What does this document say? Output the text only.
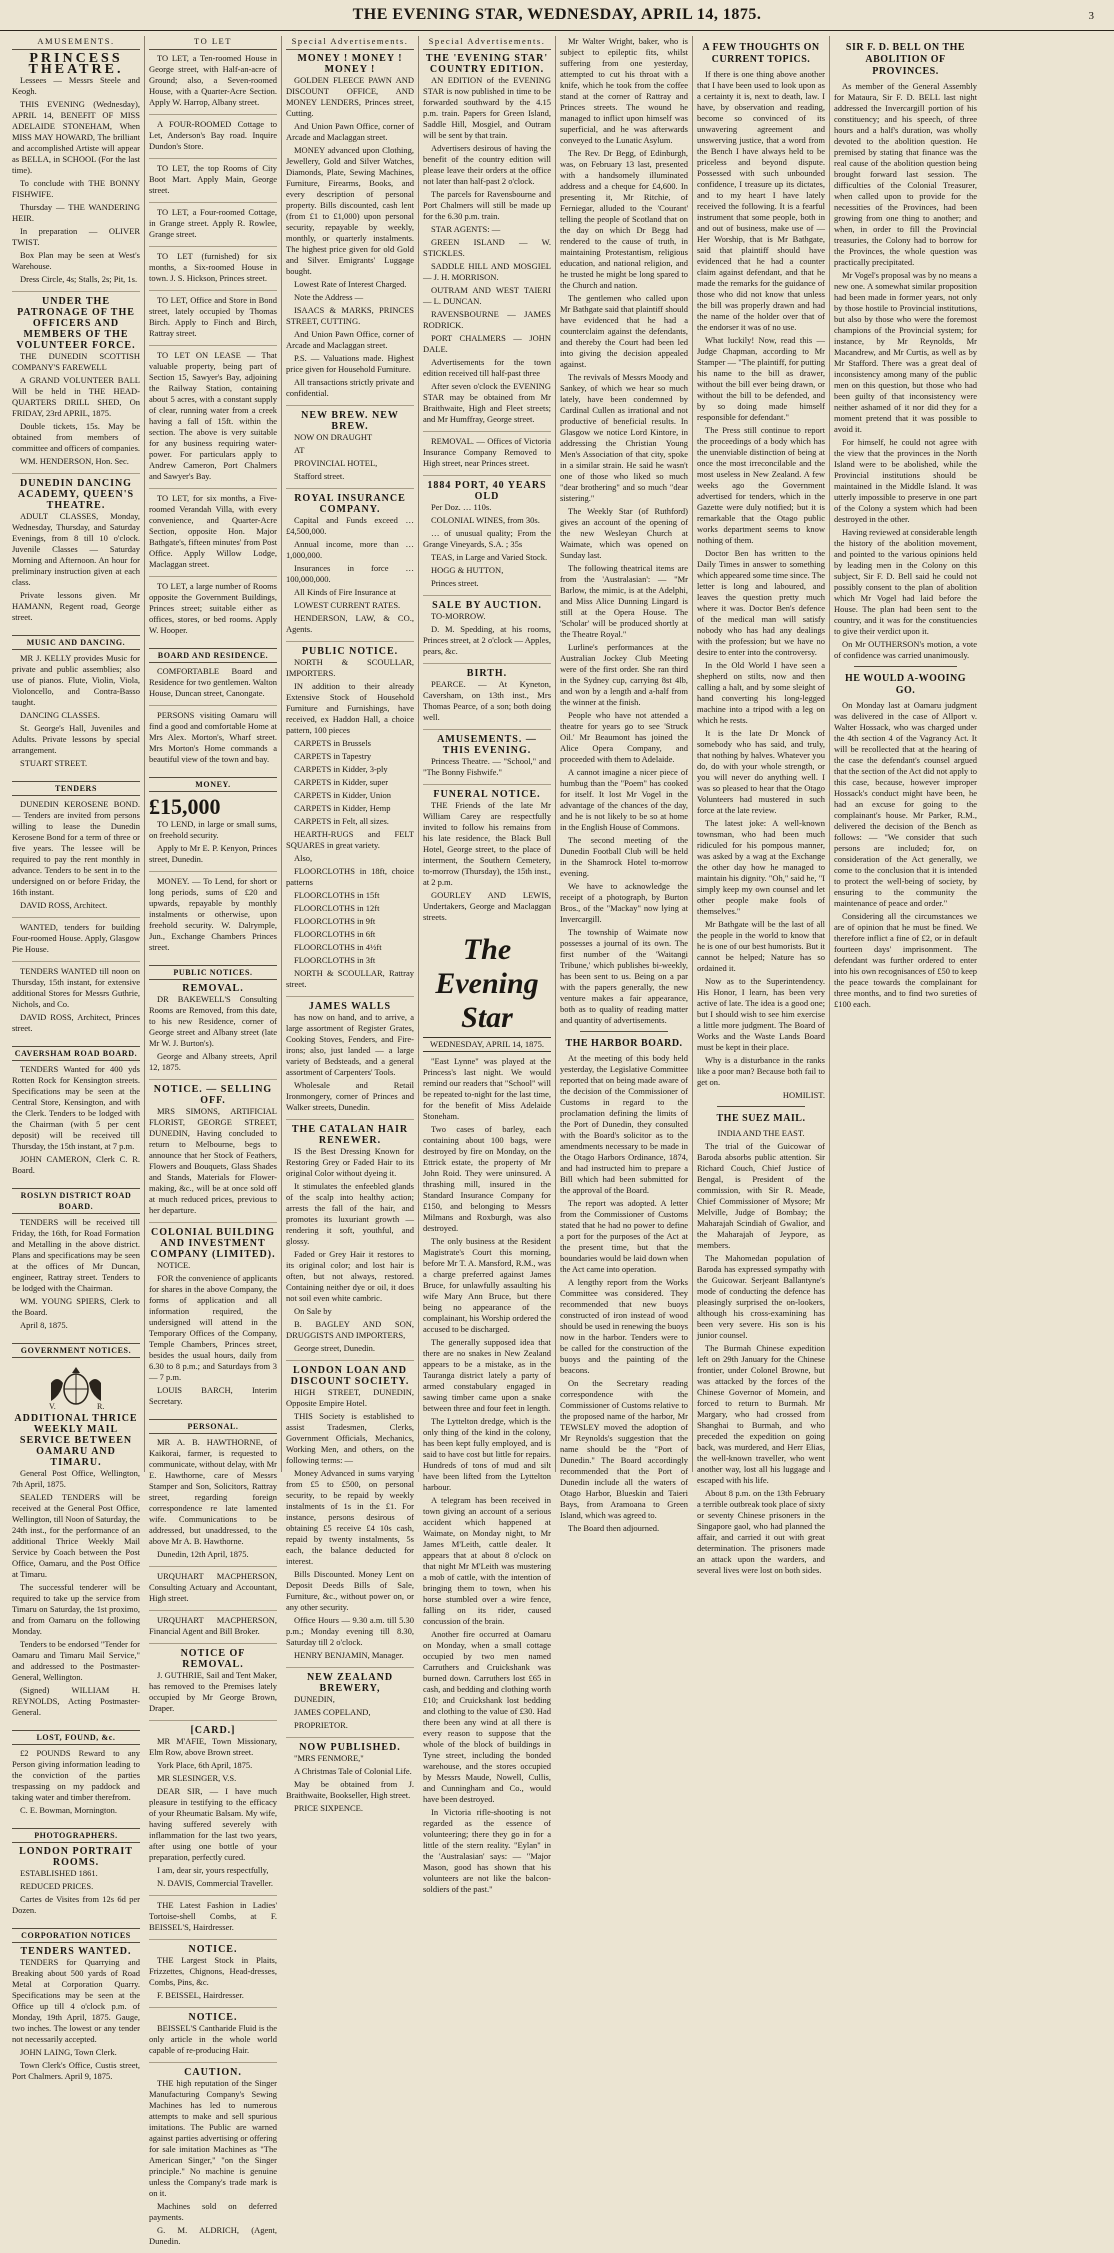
THE EVENING STAR, WEDNESDAY, APRIL 14, 1875.	3
AMUSEMENTS.
PRINCESS THEATRE.
Lessees — Messrs Steele and Keogh.
THIS EVENING (Wednesday), APRIL 14, BENEFIT OF MISS ADELAIDE STONEHAM, When MISS MAY HOWARD, The brilliant and accomplished Artiste will appear as BELLA, in SCHOOL (For the last time).
To conclude with THE BONNY FISHWIFE.
Thursday — THE WANDERING HEIR.
In preparation — OLIVER TWIST.
Box Plan may be seen at West's Warehouse.
Dress Circle, 4s; Stalls, 2s; Pit, 1s.
UNDER THE PATRONAGE OF THE OFFICERS AND MEMBERS OF THE VOLUNTEER FORCE.
THE DUNEDIN SCOTTISH COMPANY'S FAREWELL
A GRAND VOLUNTEER BALL Will be held in THE HEAD-QUARTERS DRILL SHED, On FRIDAY, 23rd APRIL, 1875.
Double tickets, 15s. May be obtained from members of committee and officers of companies.
WM. HENDERSON, Hon. Sec.
DUNEDIN DANCING ACADEMY, QUEEN'S THEATRE.
ADULT CLASSES, Monday, Wednesday, Thursday, and Saturday Evenings, from 8 till 10 o'clock. Juvenile Classes — Saturday Morning and Afternoon. An hour for preliminary instruction given at each class.
Private lessons given. Mr HAMANN, Regent road, George street.
MUSIC AND DANCING.
MR J. KELLY provides Music for private and public assemblies; also use of pianos. Flute, Violin, Viola, Violoncello, and Contra-Basso taught.
DANCING CLASSES.
St. George's Hall, Juveniles and Adults. Private lessons by special arrangement.
STUART STREET.
TENDERS
DUNEDIN KEROSENE BOND. — Tenders are invited from persons willing to lease the Dunedin Kerosene Bond for a term of three or five years. The lessee will be required to pay the rent monthly in advance. Tenders to be sent in to the undersigned on or before Friday, the 16th instant.
DAVID ROSS, Architect.
WANTED, tenders for building Four-roomed House. Apply, Glasgow Pie House.
TENDERS WANTED till noon on Thursday, 15th instant, for extensive additional Stores for Messrs Guthrie, Nichols, and Co.
DAVID ROSS, Architect, Princes street.
CAVERSHAM ROAD BOARD.
TENDERS Wanted for 400 yds Rotten Rock for Kensington streets. Specifications may be seen at the Central Store, Kensington, and with the Clerk. Tenders to be lodged with the Chairman (with 5 per cent deposit) will be received till Thursday, the 15th instant, at 7 p.m.
JOHN CAMERON, Clerk C. R. Board.
ROSLYN DISTRICT ROAD BOARD.
TENDERS will be received till Friday, the 16th, for Road Formation and Metalling in the above district. Plans and specifications may be seen at the offices of Mr Duncan, engineer, Rattray street. Tenders to be lodged with the Chairman.
WM. YOUNG SPIERS, Clerk to the Board.
April 8, 1875.
GOVERNMENT NOTICES.
V.	R.
ADDITIONAL THRICE WEEKLY MAIL SERVICE BETWEEN OAMARU AND TIMARU.
General Post Office, Wellington, 7th April, 1875.
SEALED TENDERS will be received at the General Post Office, Wellington, till Noon of Saturday, the 24th inst., for the performance of an additional Thrice Weekly Mail Service by Coach between the Post Office, Oamaru, and the Post Office at Timaru.
The successful tenderer will be required to take up the service from Timaru on Saturday, the 1st proximo, and from Oamaru on the following Monday.
Tenders to be endorsed "Tender for Oamaru and Timaru Mail Service," and addressed to the Postmaster-General, Wellington.
(Signed) WILLIAM H. REYNOLDS, Acting Postmaster-General.
LOST, FOUND, &c.
£2 POUNDS Reward to any Person giving information leading to the conviction of the parties trespassing on my paddock and taking water and timber therefrom.
C. E. Bowman, Mornington.
PHOTOGRAPHERS.
LONDON PORTRAIT ROOMS.
ESTABLISHED 1861.
REDUCED PRICES.
Cartes de Visites from 12s 6d per Dozen.
CORPORATION NOTICES
TENDERS WANTED.
TENDERS for Quarrying and Breaking about 500 yards of Road Metal at Corporation Quarry. Specifications may be seen at the Office up till 4 o'clock p.m. of Monday, 19th April, 1875. Gauge, two inches. The lowest or any tender not necessarily accepted.
JOHN LAING, Town Clerk.
Town Clerk's Office, Custis street, Port Chalmers. April 9, 1875.
TO LET
TO LET, a Ten-roomed House in George street, with Half-an-acre of Ground; also, a Seven-roomed House, with a Quarter-Acre Section. Apply W. Harrop, Albany street.
A FOUR-ROOMED Cottage to Let, Anderson's Bay road. Inquire Dundon's Store.
TO LET, the top Rooms of City Boot Mart. Apply Main, George street.
TO LET, a Four-roomed Cottage, in Grange street. Apply R. Rowlee, Grange street.
TO LET (furnished) for six months, a Six-roomed House in town. J. S. Hickson, Princes street.
TO LET, Office and Store in Bond street, lately occupied by Thomas Birch. Apply to Finch and Birch, Rattray street.
TO LET ON LEASE — That valuable property, being part of Section 15, Sawyer's Bay, adjoining the Railway Station, containing about 5 acres, with a constant supply of clear, running water from a creek having a fall of 15ft. within the section. The above is very suitable for any business requiring water-power. For particulars apply to Andrew Cameron, Port Chalmers and Sawyer's Bay.
TO LET, for six months, a Five-roomed Verandah Villa, with every convenience, and Quarter-Acre Section, opposite Hon. Major Bathgate's, fifteen minutes' from Post Office. Apply Willow Lodge, Maclaggan street.
TO LET, a large number of Rooms opposite the Government Buildings, Princes street; suitable either as offices, stores, or bed rooms. Apply W. Hooper.
BOARD AND RESIDENCE.
COMFORTABLE Board and Residence for two gentlemen. Walton House, Duncan street, Canongate.
PERSONS visiting Oamaru will find a good and comfortable Home at Mrs Alex. Morton's, Wharf street. Mrs Morton's Home commands a beautiful view of the town and bay.
MONEY.
£15,000
TO LEND, in large or small sums, on freehold security.
Apply to Mr E. P. Kenyon, Princes street, Dunedin.
MONEY. — To Lend, for short or long periods, sums of £20 and upwards, repayable by monthly instalments or otherwise, upon freehold security. W. Dalrymple, Jun., Exchange Chambers Princes street.
PUBLIC NOTICES.
REMOVAL.
DR BAKEWELL'S Consulting Rooms are Removed, from this date, to his new Residence, corner of George street and Albany street (late Mr W. J. Burton's).
George and Albany streets, April 12, 1875.
NOTICE. — SELLING OFF.
MRS SIMONS, ARTIFICIAL FLORIST, GEORGE STREET, DUNEDIN, Having concluded to return to Melbourne, begs to announce that her Stock of Feathers, Flowers and Bouquets, Glass Shades and Stands, Materials for Flower-making, &c., will be at once sold off at much reduced prices, previous to her departure.
COLONIAL BUILDING AND INVESTMENT COMPANY (LIMITED).
NOTICE.
FOR the convenience of applicants for shares in the above Company, the forms of application and all information required, the undersigned will attend in the Temporary Offices of the Company, Temple Chambers, Princes street, besides the usual hours, daily from 6.30 to 8 p.m.; and Saturdays from 3 — 7 p.m.
LOUIS BARCH, Interim Secretary.
PERSONAL.
MR A. B. HAWTHORNE, of Kaikorai, farmer, is requested to communicate, without delay, with Mr E. Hawthorne, care of Messrs Stamper and Son, Solicitors, Rattray street, regarding foreign correspondence re late lamented wife. Communications to be addressed, but unaddressed, to the above Mr A. B. Hawthorne.
Dunedin, 12th April, 1875.
URQUHART MACPHERSON, Consulting Actuary and Accountant, High street.
URQUHART MACPHERSON, Financial Agent and Bill Broker.
NOTICE OF REMOVAL.
J. GUTHRIE, Sail and Tent Maker, has removed to the Premises lately occupied by Mr George Brown, Draper.
[CARD.]
MR M'AFIE, Town Missionary, Elm Row, above Brown street.
York Place, 6th April, 1875.
MR SLESINGER, V.S.
DEAR SIR, — I have much pleasure in testifying to the efficacy of your Rheumatic Balsam. My wife, having suffered severely with inflammation for the last two years, after using one bottle of your preparation, perfectly cured.
I am, dear sir, yours respectfully,
N. DAVIS, Commercial Traveller.
THE Latest Fashion in Ladies' Tortoise-shell Combs, at F. BEISSEL'S, Hairdresser.
NOTICE.
THE Largest Stock in Plaits, Frizzettes, Chignons, Head-dresses, Combs, Pins, &c.
F. BEISSEL, Hairdresser.
NOTICE.
BEISSEL'S Cantharide Fluid is the only article in the whole world capable of re-producing Hair.
CAUTION.
THE high reputation of the Singer Manufacturing Company's Sewing Machines has led to numerous attempts to make and sell spurious imitations. The Public are warned against parties advertising or offering for sale imitation Machines as "The American Singer," "on the Singer principle." No machine is genuine unless the Company's trade mark is on it.
Machines sold on deferred payments.
G. M. ALDRICH, (Agent, Dunedin.
Special Advertisements.
MONEY ! MONEY ! MONEY !
GOLDEN FLEECE PAWN AND DISCOUNT OFFICE, AND MONEY LENDERS, Princes street, Cutting.
And Union Pawn Office, corner of Arcade and Maclaggan street.
MONEY advanced upon Clothing, Jewellery, Gold and Silver Watches, Diamonds, Plate, Sewing Machines, Furniture, Firearms, Books, and every description of personal property. Bills discounted, cash lent (from £1 to £1,000) upon personal security, repayable by weekly, monthly, or quarterly instalments. The highest price given for old Gold and Silver. Emigrants' Luggage bought.
Lowest Rate of Interest Charged.
Note the Address —
ISAACS & MARKS, PRINCES STREET, CUTTING.
And Union Pawn Office, corner of Arcade and Maclaggan street.
P.S. — Valuations made. Highest price given for Household Furniture.
All transactions strictly private and confidential.
NEW BREW. NEW BREW.
NOW ON DRAUGHT
AT
PROVINCIAL HOTEL,
Stafford street.
ROYAL INSURANCE COMPANY.
Capital and Funds exceed … £4,500,000.
Annual income, more than … 1,000,000.
Insurances in force … 100,000,000.
All Kinds of Fire Insurance at
LOWEST CURRENT RATES.
HENDERSON, LAW, & CO., Agents.
PUBLIC NOTICE.
NORTH & SCOULLAR, IMPORTERS.
IN addition to their already Extensive Stock of Household Furniture and Furnishings, have received, ex Haddon Hall, a choice pattern, 100 pieces
CARPETS in Brussels
CARPETS in Tapestry
CARPETS in Kidder, 3-ply
CARPETS in Kidder, super
CARPETS in Kidder, Union
CARPETS in Kidder, Hemp
CARPETS in Felt, all sizes.
HEARTH-RUGS and FELT SQUARES in great variety.
Also,
FLOORCLOTHS in 18ft, choice patterns
FLOORCLOTHS in 15ft
FLOORCLOTHS in 12ft
FLOORCLOTHS in 9ft
FLOORCLOTHS in 6ft
FLOORCLOTHS in 4½ft
FLOORCLOTHS in 3ft
NORTH & SCOULLAR, Rattray street.
JAMES WALLS
has now on hand, and to arrive, a large assortment of Register Grates, Cooking Stoves, Fenders, and Fire-irons; also, just landed — a large variety of Bedsteads, and a general assortment of Carpenters' Tools.
Wholesale and Retail Ironmongery, corner of Princes and Walker streets, Dunedin.
THE CATALAN HAIR RENEWER.
IS the Best Dressing Known for Restoring Grey or Faded Hair to its original Color without dyeing it.
It stimulates the enfeebled glands of the scalp into healthy action; arrests the fall of the hair, and promotes its luxuriant growth — rendering it soft, youthful, and glossy.
Faded or Grey Hair it restores to its original color; and lost hair is often, but not always, restored. Containing neither dye or oil, it does not soil even white cambric.
On Sale by
B. BAGLEY AND SON, DRUGGISTS AND IMPORTERS,
George street, Dunedin.
LONDON LOAN AND DISCOUNT SOCIETY.
HIGH STREET, DUNEDIN, Opposite Empire Hotel.
THIS Society is established to assist Tradesmen, Clerks, Government Officials, Mechanics, Working Men, and others, on the following terms: —
Money Advanced in sums varying from £5 to £500, on personal security, to be repaid by weekly instalments of 1s in the £1. For instance, persons desirous of obtaining £5 receive £4 10s cash, repaid by twenty instalments, 5s each, the balance deducted for interest.
Bills Discounted. Money Lent on Deposit Deeds Bills of Sale, Furniture, &c., without power on, or any other security.
Office Hours — 9.30 a.m. till 5.30 p.m.; Monday evening till 8.30, Saturday till 2 o'clock.
HENRY BENJAMIN, Manager.
NEW ZEALAND BREWERY,
DUNEDIN,
JAMES COPELAND,
PROPRIETOR.
NOW PUBLISHED.
"MRS FENMORE,"
A Christmas Tale of Colonial Life.
May be obtained from J. Braithwaite, Bookseller, High street.
PRICE SIXPENCE.
Special Advertisements.
THE 'EVENING STAR' COUNTRY EDITION.
AN EDITION of the EVENING STAR is now published in time to be forwarded southward by the 4.15 p.m. train. Papers for Green Island, Saddle Hill, Mosgiel, and Outram will be sent by that train.
Advertisers desirous of having the benefit of the country edition will please leave their orders at the office not later than half-past 2 o'clock.
The parcels for Ravensbourne and Port Chalmers will still be made up for the 6.30 p.m. train.
STAR AGENTS: —
GREEN ISLAND — W. STICKLES.
SADDLE HILL AND MOSGIEL — J. H. MORRISON.
OUTRAM AND WEST TAIERI — L. DUNCAN.
RAVENSBOURNE — JAMES RODRICK.
PORT CHALMERS — JOHN DALE.
Advertisements for the town edition received till half-past three
After seven o'clock the EVENING STAR may be obtained from Mr Braithwaite, High and Fleet streets; and Mr Humffray, George street.
REMOVAL. — Offices of Victoria Insurance Company Removed to High street, near Princes street.
1884 PORT, 40 YEARS OLD
Per Doz. … 110s.
COLONIAL WINES, from 30s.
… of unusual quality; From the Grange Vineyards, S.A. ; 35s
TEAS, in Large and Varied Stock.
HOGG & HUTTON,
Princes street.
SALE BY AUCTION.
TO-MORROW.
D. M. Spedding, at his rooms, Princes street, at 2 o'clock — Apples, pears, &c.
BIRTH.
PEARCE. — At Kyneton, Caversham, on 13th inst., Mrs Thomas Pearce, of a son; both doing well.
AMUSEMENTS. — THIS EVENING.
Princess Theatre. — "School," and "The Bonny Fishwife."
FUNERAL NOTICE.
THE Friends of the late Mr William Carey are respectfully invited to follow his remains from his late residence, the Black Bull Hotel, George street, to the place of interment, the Southern Cemetery, to-morrow (Thursday), the 15th inst., at 2 p.m.
GOURLEY AND LEWIS, Undertakers, George and Maclaggan streets.
The Evening Star
WEDNESDAY, APRIL 14, 1875.
"East Lynne" was played at the Princess's last night. We would remind our readers that "School" will be repeated to-night for the last time, for the benefit of Miss Adelaide Stoneham.
Two cases of barley, each containing about 100 bags, were destroyed by fire on Monday, on the Ettrick estate, the property of Mr John Roid. They were uninsured. A thrashing mill, insured in the Standard Insurance Company for £150, and belonging to Messrs Milmans and Roxburgh, was also destroyed.
The only business at the Resident Magistrate's Court this morning, before Mr T. A. Mansford, R.M., was a charge preferred against James Bruce, for unlawfully assaulting his wife Mary Ann Bruce, but there being no appearance of the complainant, his Worship ordered the accused to be discharged.
The generally supposed idea that there are no snakes in New Zealand appears to be a mistake, as in the Tauranga district lately a party of armed constabulary engaged in sawing timber came upon a snake between three and four feet in length.
The Lyttelton dredge, which is the only thing of the kind in the colony, has been kept fully employed, and is said to have cost but little for repairs. Hundreds of tons of mud and silt have been lifted from the Lyttelton harbour.
A telegram has been received in town giving an account of a serious accident which happened at Waimate, on Monday night, to Mr James M'Leith, cattle dealer. It appears that at about 8 o'clock on that night Mr M'Leith was mustering a mob of cattle, with the intention of bringing them to town, when his horse stumbled over a wire fence, falling on its rider, caused concussion of the brain.
Another fire occurred at Oamaru on Monday, when a small cottage occupied by two men named Carruthers and Cruickshank was burned down. Carruthers lost £65 in cash, and bedding and clothing worth £10; and Cruickshank lost bedding and clothing to the value of £30. Had there been any wind at all there is every reason to suppose that the whole of the block of buildings in Tyne street, including the bonded warehouse, and the stores occupied by Messrs Maude, Nowell, Cullis, and Cunningham and Co., would have been destroyed.
In Victoria rifle-shooting is not regarded as the essence of volunteering; there they go in for a little of the stern reality. "Eylan" in the 'Australasian' says: — "Major Mason, good has shown that his volunteers are not like the balcon-soldiers of the past."
Mr Walter Wright, baker, who is subject to epileptic fits, whilst suffering from one yesterday, attempted to cut his throat with a knife, which he took from the coffee stand at the corner of Rattray and Princes streets. The wound he managed to inflict upon himself was superficial, and he was afterwards conveyed to the Lunatic Asylum.
The Rev. Dr Begg, of Edinburgh, was, on February 13 last, presented with a handsomely illuminated address and a cheque for £4,600. In presenting it, Mr Ritchie, of Ferniegar, alluded to the 'Courant' telling the people of Scotland that on the day on which Dr Begg had rendered to the cause of truth, in maintaining Protestantism, religious education, and national religion, and he trusted he might be long spared to the Church and nation.
The gentlemen who called upon Mr Bathgate said that plaintiff should have evidenced that he had a counterclaim against the defendants, and thereby the Court had been led into giving the decision appealed against.
The revivals of Messrs Moody and Sankey, of which we hear so much lately, have been condemned by Cardinal Cullen as irrational and not productive of beneficial results. In Glasgow we notice Lord Kintore, in addressing the Christian Young Men's Association of that city, spoke in a similar strain. He said he wasn't one of those who liked so much "dear brothering" and so much "dear sistering."
The Weekly Star (of Ruthford) gives an account of the opening of the new Wesleyan Church at Waimate, which was opened on Sunday last.
The following theatrical items are from the 'Australasian': — "Mr Barlow, the mimic, is at the Adelphi, and Miss Alice Dunning Lingard is still at the Opera House. The 'Scholar' will be produced shortly at the Theatre Royal."
Lurline's performances at the Australian Jockey Club Meeting were of the first order. She ran third in the Sydney cup, carrying 8st 4lb, and won by a length and a-half from the winner at the finish.
People who have not attended a theatre for years go to see 'Struck Oil.' Mr Beaumont has joined the Alice Opera Company, and proceeded with them to Adelaide.
A cannot imagine a nicer piece of humbug than the "Poem" has cooked for itself. It lost Mr Vogel in the advantage of the chances of the day, and he is not likely to be so at home in the English House of Commons.
The second meeting of the Dunedin Football Club will be held in the Shamrock Hotel to-morrow evening.
We have to acknowledge the receipt of a photograph, by Burton Bros., of the "Mackay" now lying at Invercargill.
The township of Waimate now possesses a journal of its own. The first number of the 'Waitangi Tribune,' which publishes bi-weekly, has been sent to us. Being on a par with the papers generally, the new venture makes a fair appearance, both as to quality of reading matter and quantity of advertisements.
THE HARBOR BOARD.
At the meeting of this body held yesterday, the Legislative Committee reported that on being made aware of the decision of the Commissioner of Customs in regard to the proclamation defining the limits of the Port of Dunedin, they consulted with the Board's solicitor as to the amendments necessary to be made in the Otago Harbors Ordinance, 1874, and had instructed him to prepare a Bill which had been submitted for the approval of the Board.
The report was adopted. A letter from the Commissioner of Customs stated that he had no power to define a port for the purposes of the Act at the present time, but that the boundaries would be laid down when the Act came into operation.
A lengthy report from the Works Committee was considered. They recommended that new buoys constructed of iron instead of wood should be used in renewing the buoys now in the harbor. Tenders were to be called for the construction of the buoys and the painting of the beacons.
On the Secretary reading correspondence with the Commissioner of Customs relative to the proposed name of the harbor, Mr TEWSLEY moved the adoption of Mr Reynolds's suggestion that the name should be the "Port of Dunedin." The Board accordingly recommended that the Port of Dunedin include all the waters of Otago Harbor, Blueskin and Taieri Bays, from Aramoana to Green Island, which was agreed to.
The Board then adjourned.
A FEW THOUGHTS ON CURRENT TOPICS.
If there is one thing above another that I have been used to look upon as a certainty it is, next to death, law. I have, by observation and reading, become so convinced of its unwavering agreement and unswerving justice, that a word from the Bench I have always held to be priceless and beyond dispute. Possessed with such unbounded confidence, I treasure up its dictates, and to my heart I have lately received the following. It is a fearful instrument that some people, both in and out of business, make use of — Her Worship, that is Mr Bathgate, said that plaintiff should have evidenced that he had a counter claim against defendant, and that he made the remarks for the guidance of those who did not know that unless the bill was properly drawn and had the name of the holder over that of the endorser it was of no use.
What luckily! Now, read this — Judge Chapman, according to Mr Stamper — "The plaintiff, for putting his name to the bill as drawer, without the bill ever being drawn, or without the bill to be defended, and by so doing made himself responsible for defendant."
The Press still continue to report the proceedings of a body which has the unenviable distinction of being at once the most irreconcilable and the most useless in New Zealand. A few weeks ago the Government advertised for tenders, which in the Gazette were duly notified; but it is remarkable that the Otago public works department seems to know nothing of them.
Doctor Ben has written to the Daily Times in answer to something which appeared some time since. The letter is long and laboured, and leaves the question pretty much where it was. Doctor Ben's defence of the medical man will satisfy nobody who has had any dealings with the profession; but we have no desire to enter into the controversy.
In the Old World I have seen a shepherd on stilts, now and then calling a halt, and by some sleight of hand converting his long-legged machine into a tripod with a leg on which he rests.
It is the late Dr Monck of somebody who has said, and truly, that nothing by halves. Whatever you do, do with your whole strength, or you will never do anything well. I was so pleased to hear that the Otago Volunteers had mustered in such force at the late review.
The latest joke: A well-known townsman, who had been much ridiculed for his pompous manner, was asked by a wag at the Exchange the other day how he managed to maintain his dignity. "Oh," said he, "I simply keep my own counsel and let other people make fools of themselves."
Mr Bathgate will be the last of all the people in the world to know that he is one of our best humorists. But it cannot be helped; Nature has so ordained it.
Now as to the Superintendency. His Honor, I learn, has been very active of late. The idea is a good one; but I should wish to see him exercise a little more judgment. The Board of Works and the Waste Lands Board must be kept in their place.
Why is a disturbance in the ranks like a poor man? Because both fail to get on.
HOMILIST.
THE SUEZ MAIL.
INDIA AND THE EAST.
The trial of the Guicowar of Baroda absorbs public attention. Sir Richard Couch, Chief Justice of Bengal, is President of the commission, with Sir R. Meade, Chief Commissioner of Mysore; Mr Melville, Judge of Bombay; the Maharajah Scindiah of Gwalior, and the Maharajah of Jeypore, as members.
The Mahomedan population of Baroda has expressed sympathy with the Guicowar. Serjeant Ballantyne's mode of conducting the defence has pleasingly surprised the on-lookers, although his cross-examining has been very severe. His son is his junior counsel.
The Burmah Chinese expedition left on 29th January for the Chinese frontier, under Colonel Browne, but was attacked by the forces of the Chinese Governor of Momein, and forced to return to Burmah. Mr Margary, who had crossed from Shanghai to Burmah, and who preceded the expedition on going back, was murdered, and Herr Elias, the well-known traveller, who went another way, lost all his luggage and escaped with his life.
About 8 p.m. on the 13th February a terrible outbreak took place of sixty or seventy Chinese prisoners in the Singapore gaol, who had planned the affair, and carried it out with great determination. The prisoners made an attack upon the warders, and several lives were lost on both sides.
SIR F. D. BELL ON THE ABOLITION OF PROVINCES.
As member of the General Assembly for Mataura, Sir F. D. BELL last night addressed the Invercargill portion of his constituency; and his speech, of three hours and a half's duration, was wholly devoted to the abolition question. He premised by stating that finance was the real cause of the abolition question being brought forward last session. The difficulties of the Colonial Treasurer, when called upon to provide for the necessities of the Provinces, had been growing from one thing to another; and when, in order to fill the Provincial treasuries, the Colony had to borrow for the Provinces, the whole question was practically precipitated.
Mr Vogel's proposal was by no means a new one. A somewhat similar proposition had been made in former years, not only by those hostile to Provincial institutions, but also by those who were the foremost champions of the Provincial system; for instance, by Mr Reynolds, Mr Macandrew, and Mr Curtis, as well as by Mr Stafford. There was a great deal of inconsistency among many of the public men on this question, but those who had been guilty of that inconsistency were neither ashamed of it nor did they for a moment pretend that it was possible to avoid it.
For himself, he could not agree with the view that the provinces in the North Island were to be abolished, while the Provincial institutions should be maintained in the Middle Island. It was utterly impossible to preserve in one part of the Colony a system which had been destroyed in the other.
Having reviewed at considerable length the history of the abolition movement, and pointed to the various opinions held by leading men in the Colony on this subject, Sir F. D. Bell said he could not possibly consent to the plan of abolition which Mr Vogel had laid before the House. The plan had been sent to the country, and it was for the constituencies to give their verdict upon it.
On Mr OUTHERSON's motion, a vote of confidence was carried unanimously.
HE WOULD A-WOOING GO.
On Monday last at Oamaru judgment was delivered in the case of Allport v. Walter Hossack, who was charged under the 4th section 4 of the Vagrancy Act. It will be recollected that at the hearing of the case the defendant's counsel argued that the section of the Act did not apply to this case, because, however improper Hossack's conduct might have been, he had an excuse for going to the complainant's house. Mr Parker, R.M., delivered the decision of the Bench as follows: — "We consider that such persons are included; for, on consideration of the Act generally, we come to the conclusion that it is intended to protect the well-being of society, by ensuring to the community the maintenance of peace and order."
Considering all the circumstances we are of opinion that he must be fined. We therefore inflict a fine of £2, or in default fourteen days' imprisonment. The defendant was further ordered to enter into his own recognisances of £50 to keep the peace towards the complainant for three months, and to find two sureties of £100 each.
